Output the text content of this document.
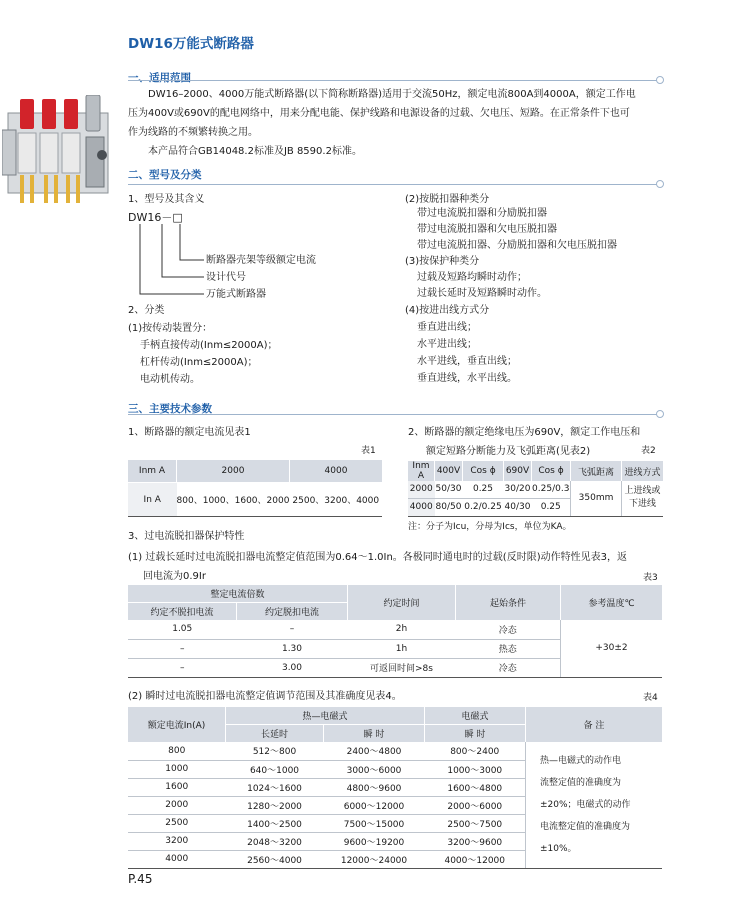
DW16万能式断路器
一、适用范围
DW16–2000、4000万能式断路器(以下简称断路器)适用于交流50Hz，额定电流800A到4000A，额定工作电
压为400V或690V的配电网络中，用来分配电能、保护线路和电源设备的过载、欠电压、短路。在正常条件下也可
作为线路的不频繁转换之用。
本产品符合GB14048.2标准及JB 8590.2标准。
二、型号及分类
1、型号及其含义
DW16－□
断路器壳架等级额定电流
设计代号
万能式断路器
2、分类
(1)按传动装置分：
手柄直接传动(Inm≤2000A)；
杠杆传动(Inm≤2000A)；
电动机传动。
(2)按脱扣器种类分
带过电流脱扣器和分励脱扣器
带过电流脱扣器和欠电压脱扣器
带过电流脱扣器、分励脱扣器和欠电压脱扣器
(3)按保护种类分
过载及短路均瞬时动作；
过载长延时及短路瞬时动作。
(4)按进出线方式分
垂直进出线；
水平进出线；
水平进线，垂直出线；
垂直进线，水平出线。
三、主要技术参数
1、断路器的额定电流见表1
表1
Inm A	2000	4000
In A	800、1000、1600、2000	2500、3200、4000
2、断路器的额定绝缘电压为690V，额定工作电压和
额定短路分断能力及飞弧距离(见表2)	表2
Inm A	400V	Cos ϕ	690V	Cos ϕ	飞弧距离	进线方式
2000	50/30	0.25	30/20	0.25/0.3	350mm	上进线或
下进线

4000	80/50	0.2/0.25	40/30	0.25		
注：分子为Icu，分母为Ics，单位为KA。
3、过电流脱扣器保护特性
(1) 过载长延时过电流脱扣器电流整定值范围为0.64～1.0In。各极同时通电时的过载(反时限)动作特性见表3，返
回电流为0.9Ir	表3
整定电流倍数		约定时间	起始条件	参考温度℃
约定不脱扣电流	约定脱扣电流			
1.05	–	2h	冷态	+30±2
–	1.30	1h	热态	
–	3.00	可返回时间>8s	冷态	
(2) 瞬时过电流脱扣器电流整定值调节范围及其准确度见表4。	表4
额定电流In(A)	热—电磁式		电磁式	备 注
	长延时	瞬 时	瞬 时	
800	512～800	2400～4800	800～2400	热—电磁式的动作电
流整定值的准确度为
±20%；电磁式的动作
电流整定值的准确度为
±10%。

1000	640～1000	3000～6000	1000～3000	
1600	1024～1600	4800～9600	1600～4800	
2000	1280～2000	6000～12000	2000～6000	
2500	1400～2500	7500～15000	2500～7500	
3200	2048～3200	9600～19200	3200～9600	
4000	2560～4000	12000～24000	4000～12000	
P.45
